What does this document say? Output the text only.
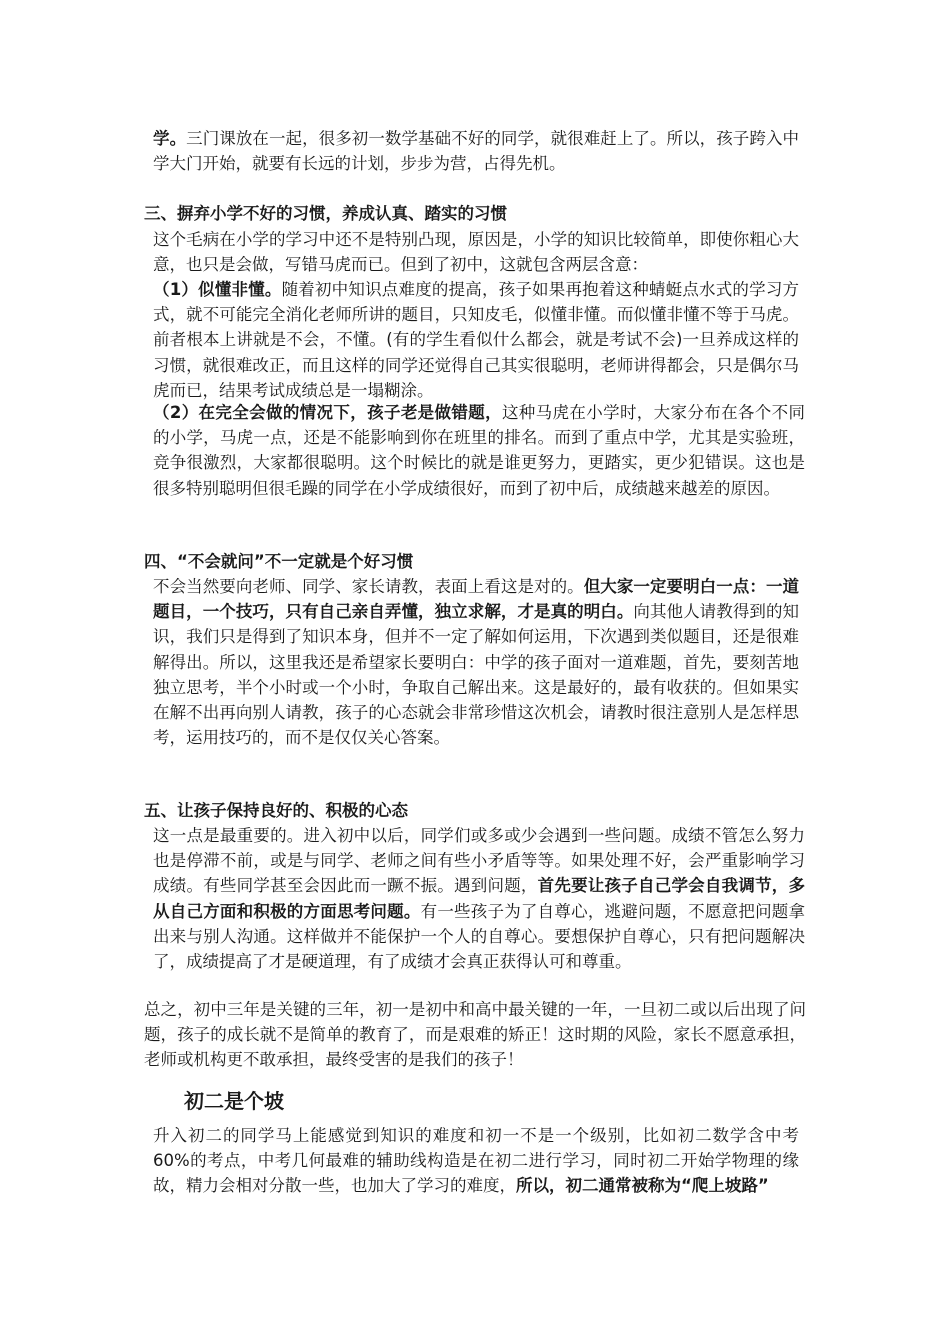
学。三门课放在一起，很多初一数学基础不好的同学，就很难赶上了。所以，孩子跨入中学大门开始，就要有长远的计划，步步为营，占得先机。

三、摒弃小学不好的习惯，养成认真、踏实的习惯

这个毛病在小学的学习中还不是特别凸现，原因是，小学的知识比较简单，即使你粗心大意，也只是会做，写错马虎而已。但到了初中，这就包含两层含意：

（1）似懂非懂。随着初中知识点难度的提高，孩子如果再抱着这种蜻蜓点水式的学习方式，就不可能完全消化老师所讲的题目，只知皮毛，似懂非懂。而似懂非懂不等于马虎。前者根本上讲就是不会，不懂。(有的学生看似什么都会，就是考试不会)一旦养成这样的习惯，就很难改正，而且这样的同学还觉得自己其实很聪明，老师讲得都会，只是偶尔马虎而已，结果考试成绩总是一塌糊涂。

（2）在完全会做的情况下，孩子老是做错题，这种马虎在小学时，大家分布在各个不同的小学，马虎一点，还是不能影响到你在班里的排名。而到了重点中学，尤其是实验班，竞争很激烈，大家都很聪明。这个时候比的就是谁更努力，更踏实，更少犯错误。这也是很多特别聪明但很毛躁的同学在小学成绩很好，而到了初中后，成绩越来越差的原因。

四、“不会就问”不一定就是个好习惯

不会当然要向老师、同学、家长请教，表面上看这是对的。但大家一定要明白一点：一道题目，一个技巧，只有自己亲自弄懂，独立求解，才是真的明白。向其他人请教得到的知识，我们只是得到了知识本身，但并不一定了解如何运用，下次遇到类似题目，还是很难解得出。所以，这里我还是希望家长要明白：中学的孩子面对一道难题，首先，要刻苦地独立思考，半个小时或一个小时，争取自己解出来。这是最好的，最有收获的。但如果实在解不出再向别人请教，孩子的心态就会非常珍惜这次机会，请教时很注意别人是怎样思考，运用技巧的，而不是仅仅关心答案。

五、让孩子保持良好的、积极的心态

这一点是最重要的。进入初中以后，同学们或多或少会遇到一些问题。成绩不管怎么努力也是停滞不前，或是与同学、老师之间有些小矛盾等等。如果处理不好，会严重影响学习成绩。有些同学甚至会因此而一蹶不振。遇到问题，首先要让孩子自己学会自我调节，多从自己方面和积极的方面思考问题。有一些孩子为了自尊心，逃避问题，不愿意把问题拿出来与别人沟通。这样做并不能保护一个人的自尊心。要想保护自尊心，只有把问题解决了，成绩提高了才是硬道理，有了成绩才会真正获得认可和尊重。

总之，初中三年是关键的三年，初一是初中和高中最关键的一年，一旦初二或以后出现了问题，孩子的成长就不是简单的教育了，而是艰难的矫正！这时期的风险，家长不愿意承担，老师或机构更不敢承担，最终受害的是我们的孩子！

初二是个坡

升入初二的同学马上能感觉到知识的难度和初一不是一个级别，比如初二数学含中考 60%的考点，中考几何最难的辅助线构造是在初二进行学习，同时初二开始学物理的缘故，精力会相对分散一些，也加大了学习的难度，所以，初二通常被称为“爬上坡路”
